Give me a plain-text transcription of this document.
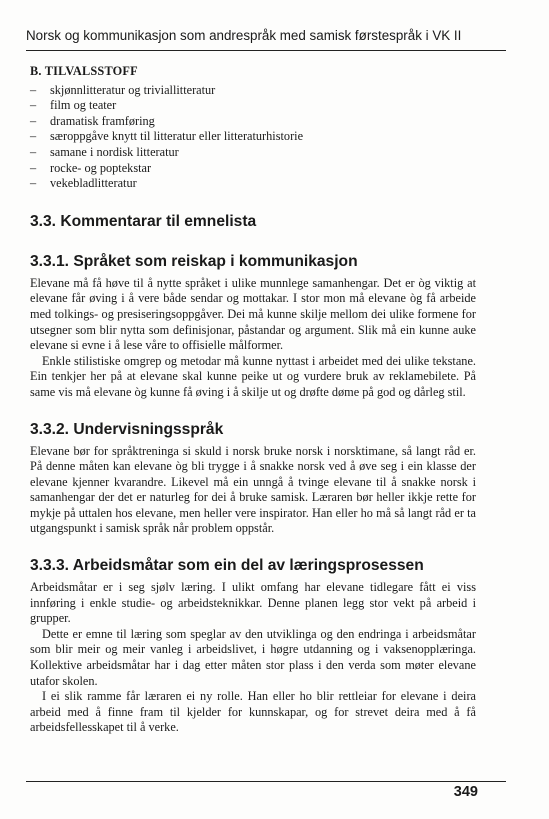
Norsk og kommunikasjon som andrespråk med samisk førstespråk i VK II
B. TILVALSSTOFF
– skjønnlitteratur og triviallitteratur
– film og teater
– dramatisk framføring
– særoppgåve knytt til litteratur eller litteraturhistorie
– samane i nordisk litteratur
– rocke- og poptekstar
– vekebladlitteratur
3.3. Kommentarar til emnelista
3.3.1. Språket som reiskap i kommunikasjon

Elevane må få høve til å nytte språket i ulike munnlege samanhengar. Det er òg viktig at elevane får øving i å vere både sendar og mottakar. I stor mon må elevane òg få arbeide med tolkings- og presiseringsoppgåver. Dei må kunne skilje mellom dei ulike formene for utsegner som blir nytta som definisjonar, påstandar og argument. Slik må ein kunne auke elevane si evne i å lese våre to offisielle målformer.

Enkle stilistiske omgrep og metodar må kunne nyttast i arbeidet med dei ulike tekstane. Ein tenkjer her på at elevane skal kunne peike ut og vurdere bruk av reklamebilete. På same vis må elevane òg kunne få øving i å skilje ut og drøfte døme på god og dårleg stil.

3.3.2. Undervisningsspråk

Elevane bør for språktreninga si skuld i norsk bruke norsk i norsktimane, så langt råd er. På denne måten kan elevane òg bli trygge i å snakke norsk ved å øve seg i ein klasse der elevane kjenner kvarandre. Likevel må ein unngå å tvinge elevane til å snakke norsk i samanhengar der det er naturleg for dei å bruke samisk. Læraren bør heller ikkje rette for mykje på uttalen hos elevane, men heller vere inspirator. Han eller ho må så langt råd er ta utgangspunkt i samisk språk når problem oppstår.

3.3.3. Arbeidsmåtar som ein del av læringsprosessen

Arbeidsmåtar er i seg sjølv læring. I ulikt omfang har elevane tidlegare fått ei viss innføring i enkle studie- og arbeidsteknikkar. Denne planen legg stor vekt på arbeid i grupper.

Dette er emne til læring som speglar av den utviklinga og den endringa i arbeidsmåtar som blir meir og meir vanleg i arbeidslivet, i høgre utdanning og i vaksenopplæringa. Kollektive arbeidsmåtar har i dag etter måten stor plass i den verda som møter elevane utafor skolen.

I ei slik ramme får læraren ei ny rolle. Han eller ho blir rettleiar for elevane i deira arbeid med å finne fram til kjelder for kunnskapar, og for strevet deira med å få arbeidsfellesskapet til å verke.

349
